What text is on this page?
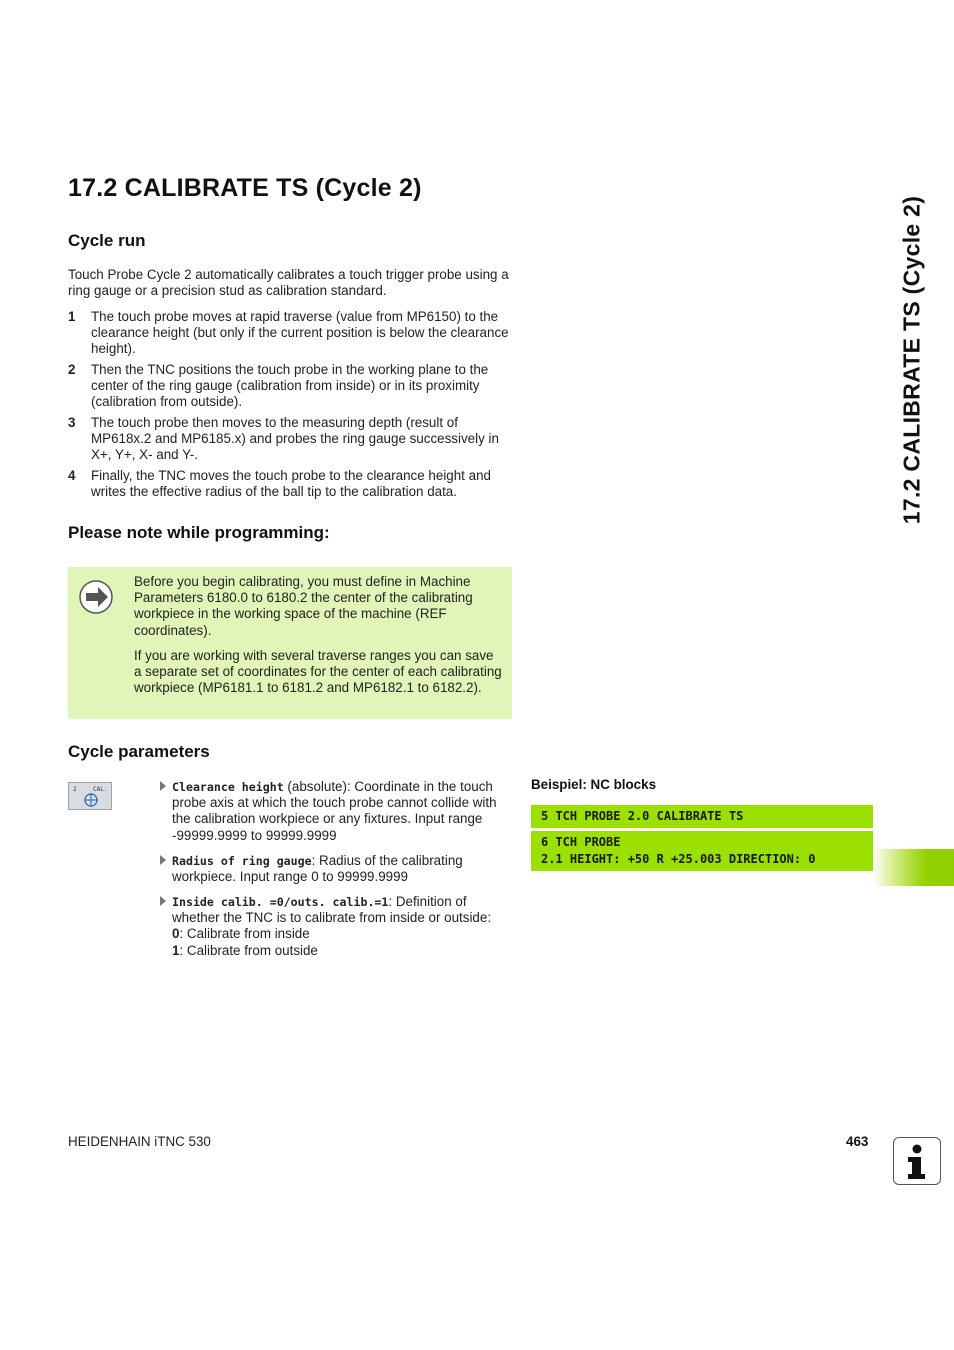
17.2 CALIBRATE TS (Cycle 2)
17.2 CALIBRATE TS (Cycle 2)
Cycle run
Touch Probe Cycle 2 automatically calibrates a touch trigger probe using a ring gauge or a precision stud as calibration standard.
1 The touch probe moves at rapid traverse (value from MP6150) to the clearance height (but only if the current position is below the clearance height).
2 Then the TNC positions the touch probe in the working plane to the center of the ring gauge (calibration from inside) or in its proximity (calibration from outside).
3 The touch probe then moves to the measuring depth (result of MP618x.2 and MP6185.x) and probes the ring gauge successively in X+, Y+, X- and Y-.
4 Finally, the TNC moves the touch probe to the clearance height and writes the effective radius of the ball tip to the calibration data.
Please note while programming:
Before you begin calibrating, you must define in Machine Parameters 6180.0 to 6180.2 the center of the calibrating workpiece in the working space of the machine (REF coordinates).
If you are working with several traverse ranges you can save a separate set of coordinates for the center of each calibrating workpiece (MP6181.1 to 6181.2 and MP6182.1 to 6182.2).
Cycle parameters
2	CAL.	Clearance height (absolute): Coordinate in the touch probe axis at which the touch probe cannot collide with the calibration workpiece or any fixtures. Input range -99999.9999 to 99999.9999
Radius of ring gauge: Radius of the calibrating workpiece. Input range 0 to 99999.9999
Inside calib. =0/outs. calib.=1: Definition of whether the TNC is to calibrate from inside or outside:
0: Calibrate from inside
1: Calibrate from outside
Beispiel: NC blocks
5 TCH PROBE 2.0 CALIBRATE TS
6 TCH PROBE
2.1 HEIGHT: +50 R +25.003 DIRECTION: 0
HEIDENHAIN iTNC 530	463
